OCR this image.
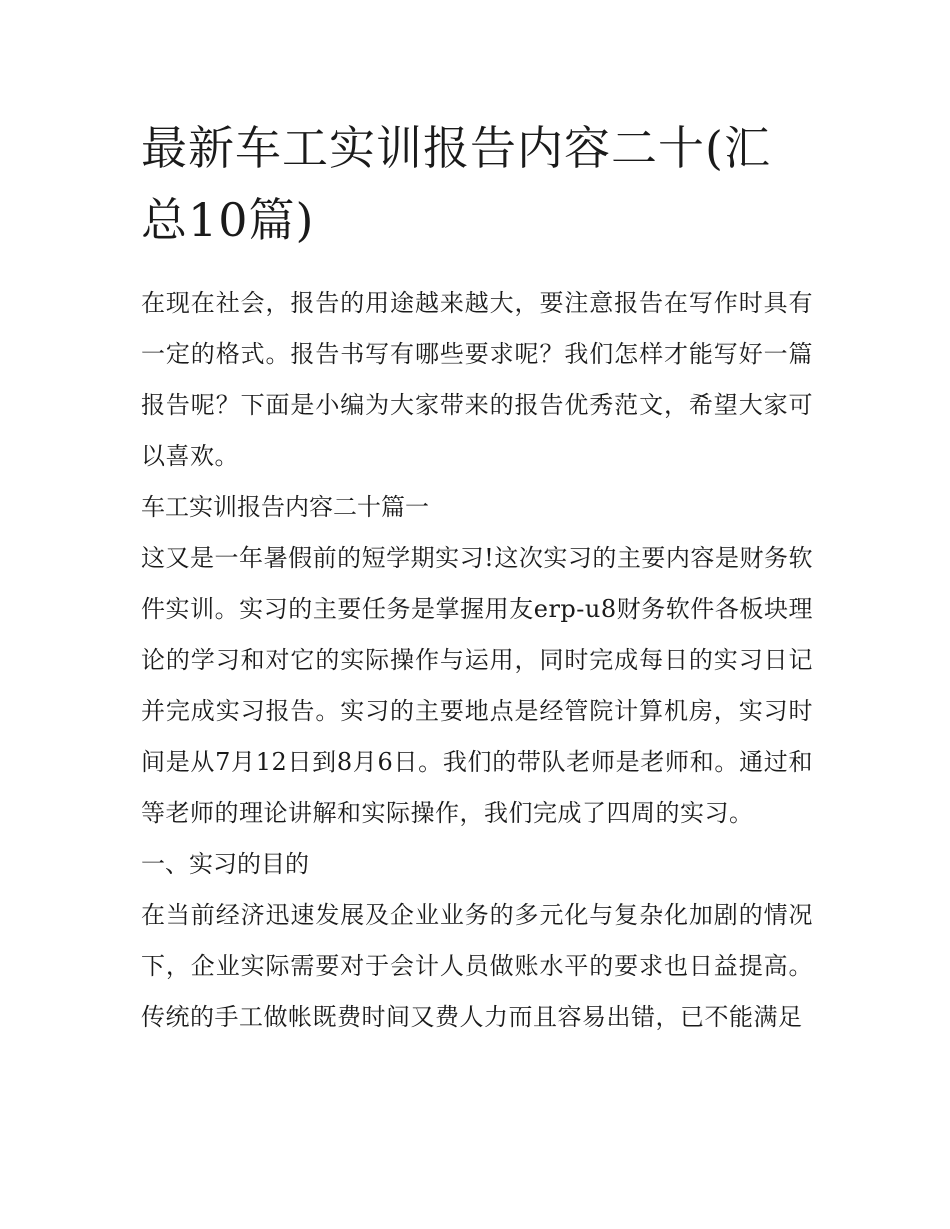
最新车工实训报告内容二十(汇总10篇)

在现在社会，报告的用途越来越大，要注意报告在写作时具有一定的格式。报告书写有哪些要求呢？我们怎样才能写好一篇报告呢？下面是小编为大家带来的报告优秀范文，希望大家可以喜欢。

车工实训报告内容二十篇一

这又是一年暑假前的短学期实习!这次实习的主要内容是财务软件实训。实习的主要任务是掌握用友erp-u8财务软件各板块理论的学习和对它的实际操作与运用，同时完成每日的实习日记并完成实习报告。实习的主要地点是经管院计算机房，实习时间是从7月12日到8月6日。我们的带队老师是老师和。通过和等老师的理论讲解和实际操作，我们完成了四周的实习。

一、实习的目的

在当前经济迅速发展及企业业务的多元化与复杂化加剧的情况下，企业实际需要对于会计人员做账水平的要求也日益提高。传统的手工做帐既费时间又费人力而且容易出错，已不能满足
